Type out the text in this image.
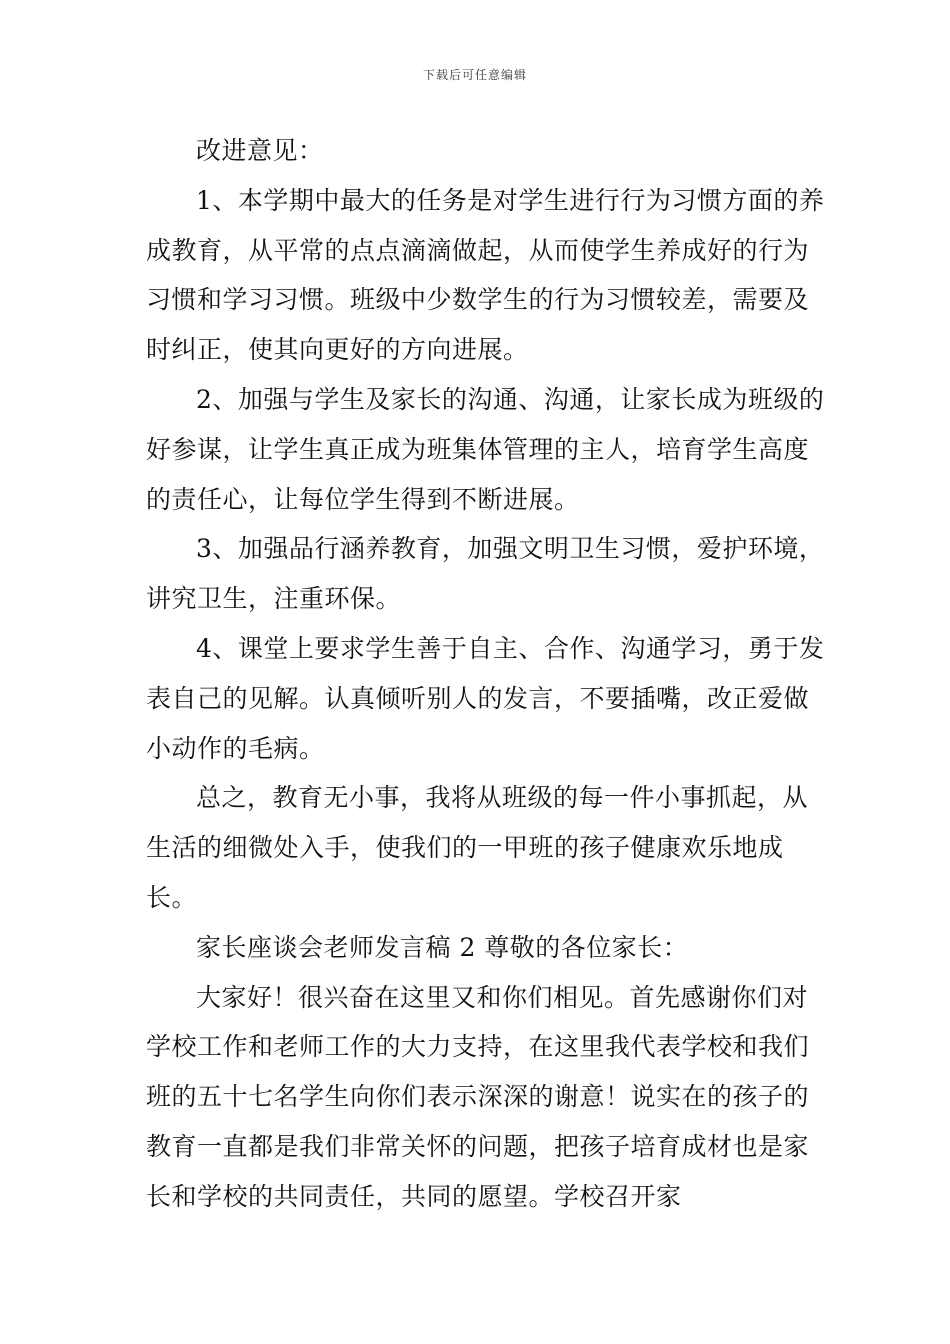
下载后可任意编辑

改进意见：

1、本学期中最大的任务是对学生进行行为习惯方面的养成教育，从平常的点点滴滴做起，从而使学生养成好的行为习惯和学习习惯。班级中少数学生的行为习惯较差，需要及时纠正，使其向更好的方向进展。

2、加强与学生及家长的沟通、沟通，让家长成为班级的好参谋，让学生真正成为班集体管理的主人，培育学生高度的责任心，让每位学生得到不断进展。

3、加强品行涵养教育，加强文明卫生习惯，爱护环境，讲究卫生，注重环保。

4、课堂上要求学生善于自主、合作、沟通学习，勇于发表自己的见解。认真倾听别人的发言，不要插嘴，改正爱做小动作的毛病。

总之，教育无小事，我将从班级的每一件小事抓起，从生活的细微处入手，使我们的一甲班的孩子健康欢乐地成长。

家长座谈会老师发言稿 2 尊敬的各位家长：

大家好！很兴奋在这里又和你们相见。首先感谢你们对学校工作和老师工作的大力支持，在这里我代表学校和我们班的五十七名学生向你们表示深深的谢意！说实在的孩子的教育一直都是我们非常关怀的问题，把孩子培育成材也是家长和学校的共同责任，共同的愿望。学校召开家
